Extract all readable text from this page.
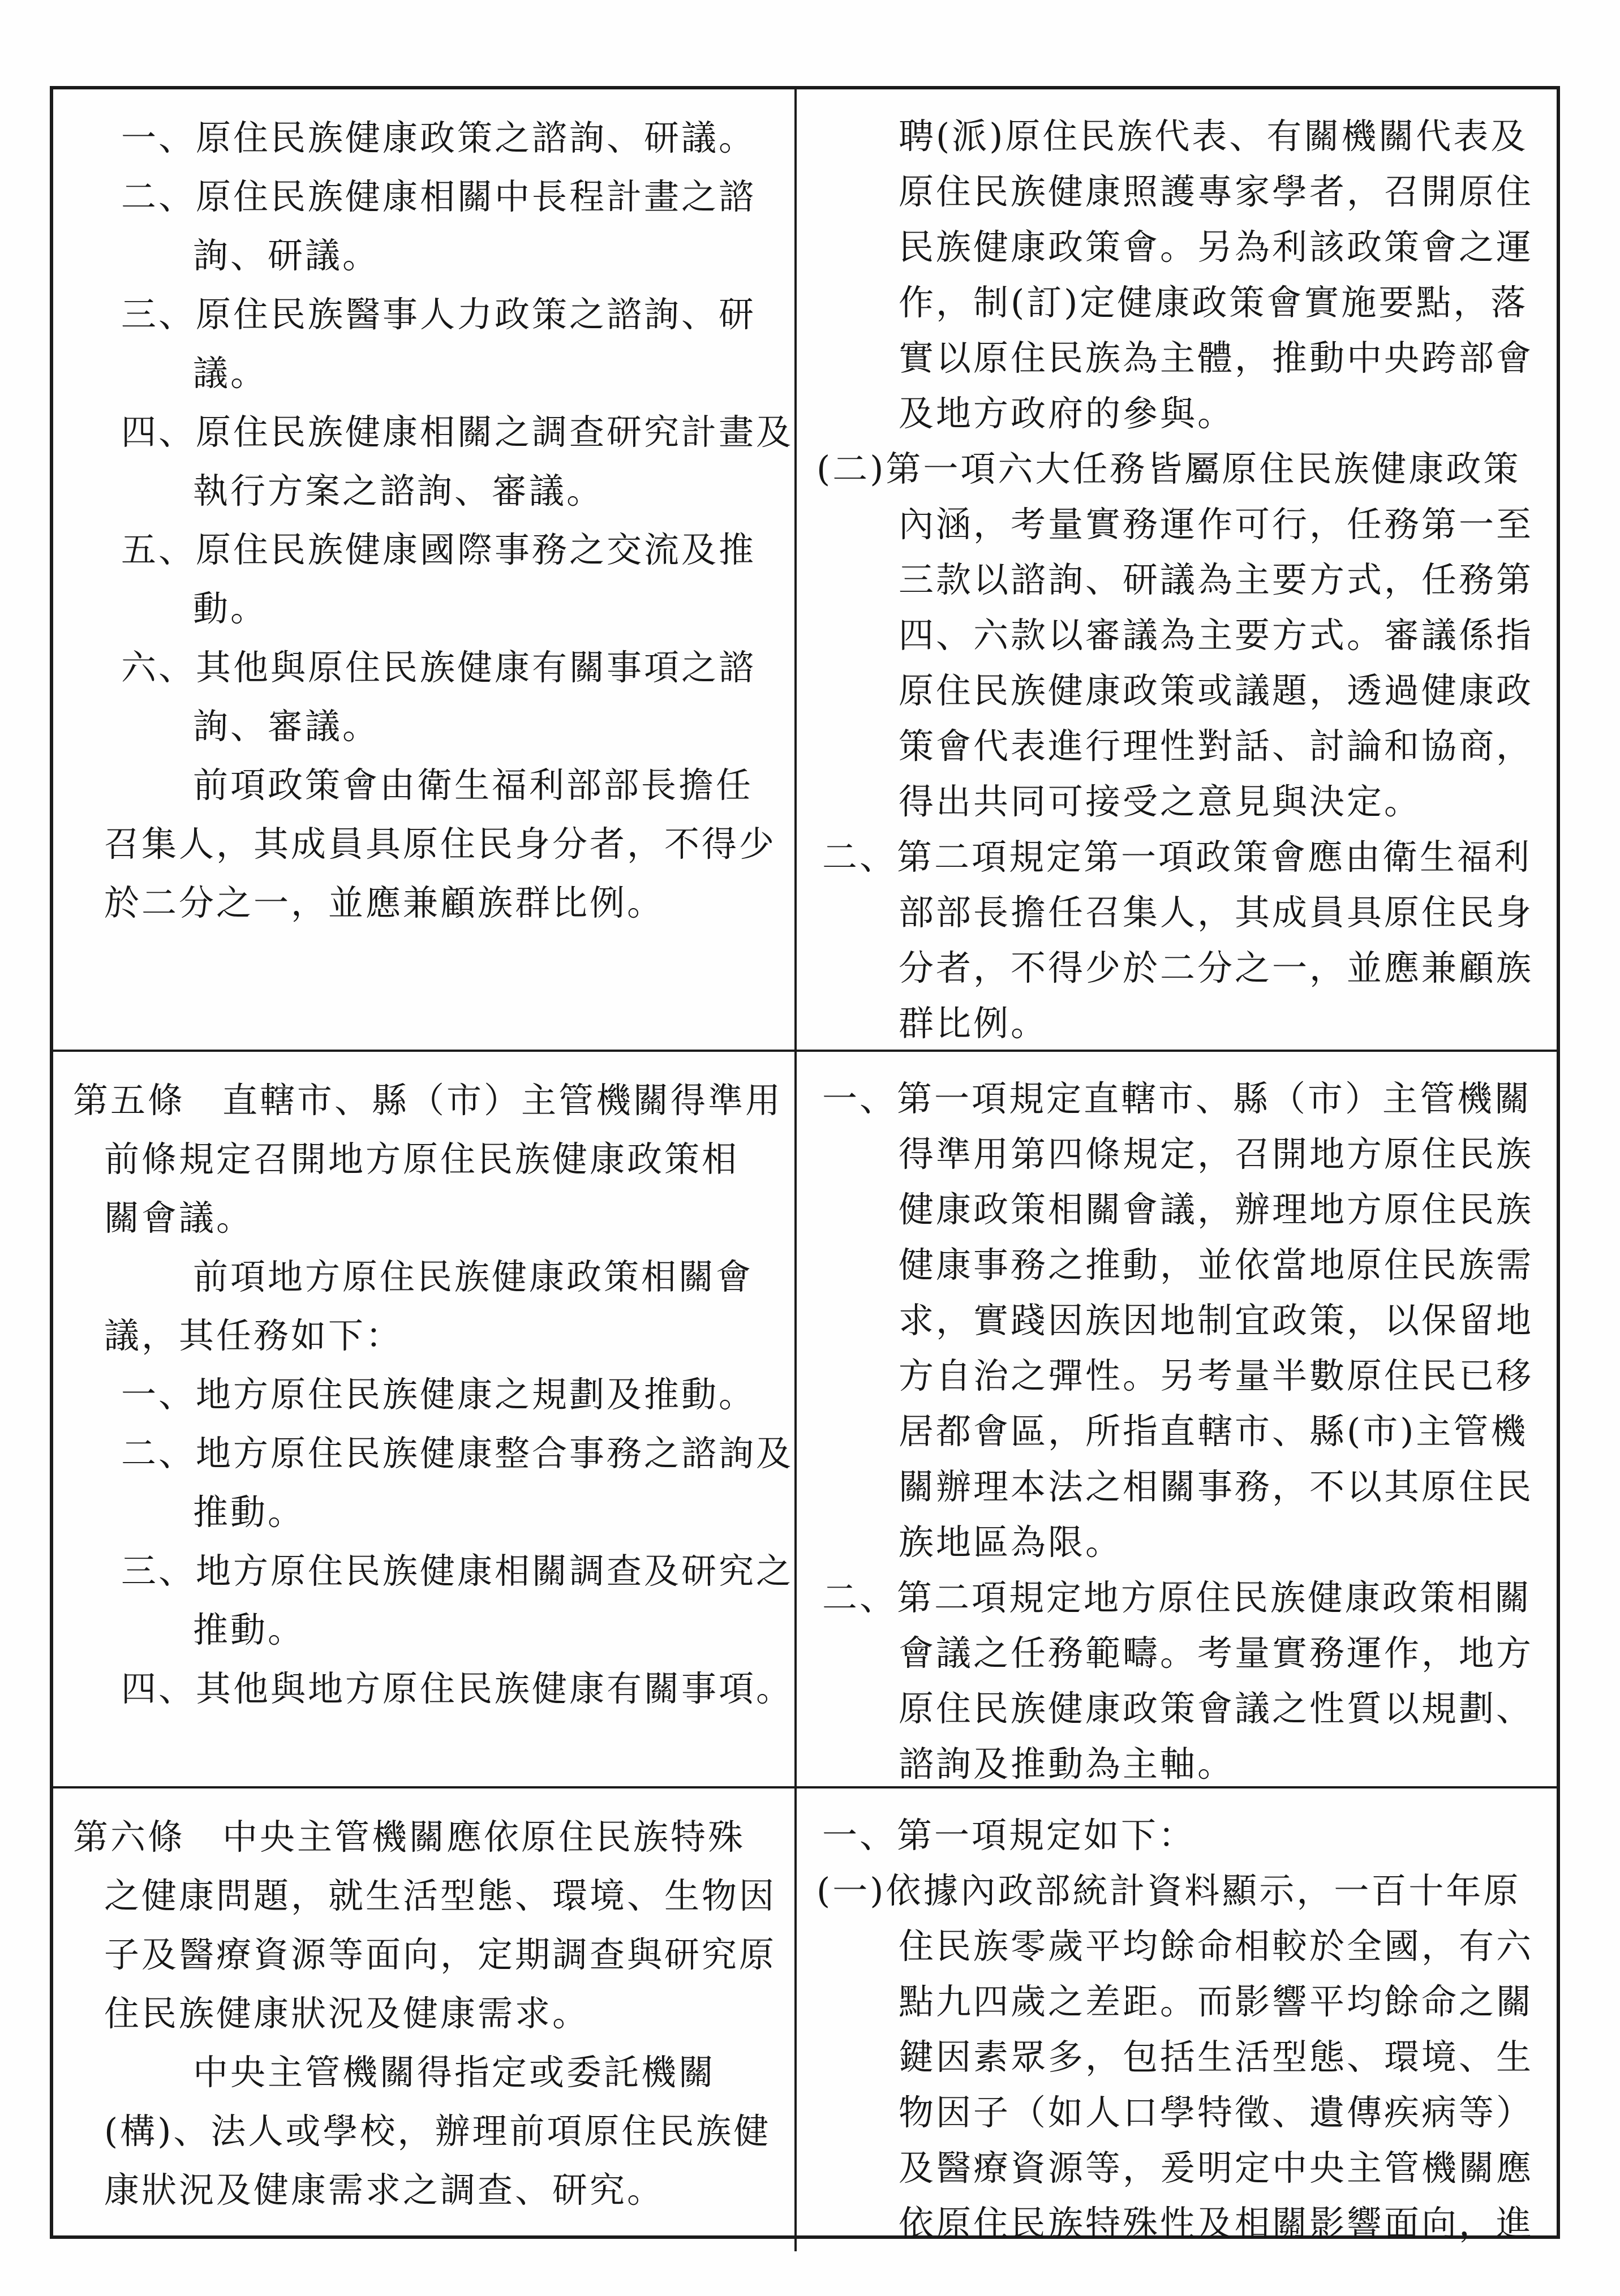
一、原住民族健康政策之諮詢、研議。
二、原住民族健康相關中長程計畫之諮
詢、研議。
三、原住民族醫事人力政策之諮詢、研
議。
四、原住民族健康相關之調查研究計畫及
執行方案之諮詢、審議。
五、原住民族健康國際事務之交流及推
動。
六、其他與原住民族健康有關事項之諮
詢、審議。
前項政策會由衛生福利部部長擔任
召集人，其成員具原住民身分者，不得少
於二分之一，並應兼顧族群比例。
聘(派)原住民族代表、有關機關代表及
原住民族健康照護專家學者，召開原住
民族健康政策會。另為利該政策會之運
作，制(訂)定健康政策會實施要點，落
實以原住民族為主體，推動中央跨部會
及地方政府的參與。
(二)第一項六大任務皆屬原住民族健康政策
內涵，考量實務運作可行，任務第一至
三款以諮詢、研議為主要方式，任務第
四、六款以審議為主要方式。審議係指
原住民族健康政策或議題，透過健康政
策會代表進行理性對話、討論和協商，
得出共同可接受之意見與決定。
二、第二項規定第一項政策會應由衛生福利
部部長擔任召集人，其成員具原住民身
分者，不得少於二分之一，並應兼顧族
群比例。
第五條　直轄市、縣（市）主管機關得準用
前條規定召開地方原住民族健康政策相
關會議。
前項地方原住民族健康政策相關會
議，其任務如下：
一、地方原住民族健康之規劃及推動。
二、地方原住民族健康整合事務之諮詢及
推動。
三、地方原住民族健康相關調查及研究之
推動。
四、其他與地方原住民族健康有關事項。
一、第一項規定直轄市、縣（市）主管機關
得準用第四條規定，召開地方原住民族
健康政策相關會議，辦理地方原住民族
健康事務之推動，並依當地原住民族需
求，實踐因族因地制宜政策，以保留地
方自治之彈性。另考量半數原住民已移
居都會區，所指直轄市、縣(市)主管機
關辦理本法之相關事務，不以其原住民
族地區為限。
二、第二項規定地方原住民族健康政策相關
會議之任務範疇。考量實務運作，地方
原住民族健康政策會議之性質以規劃、
諮詢及推動為主軸。
第六條　中央主管機關應依原住民族特殊
之健康問題，就生活型態、環境、生物因
子及醫療資源等面向，定期調查與研究原
住民族健康狀況及健康需求。
中央主管機關得指定或委託機關
(構)、法人或學校，辦理前項原住民族健
康狀況及健康需求之調查、研究。
一、第一項規定如下：
(一)依據內政部統計資料顯示，一百十年原
住民族零歲平均餘命相較於全國，有六
點九四歲之差距。而影響平均餘命之關
鍵因素眾多，包括生活型態、環境、生
物因子（如人口學特徵、遺傳疾病等）
及醫療資源等，爰明定中央主管機關應
依原住民族特殊性及相關影響面向，進
